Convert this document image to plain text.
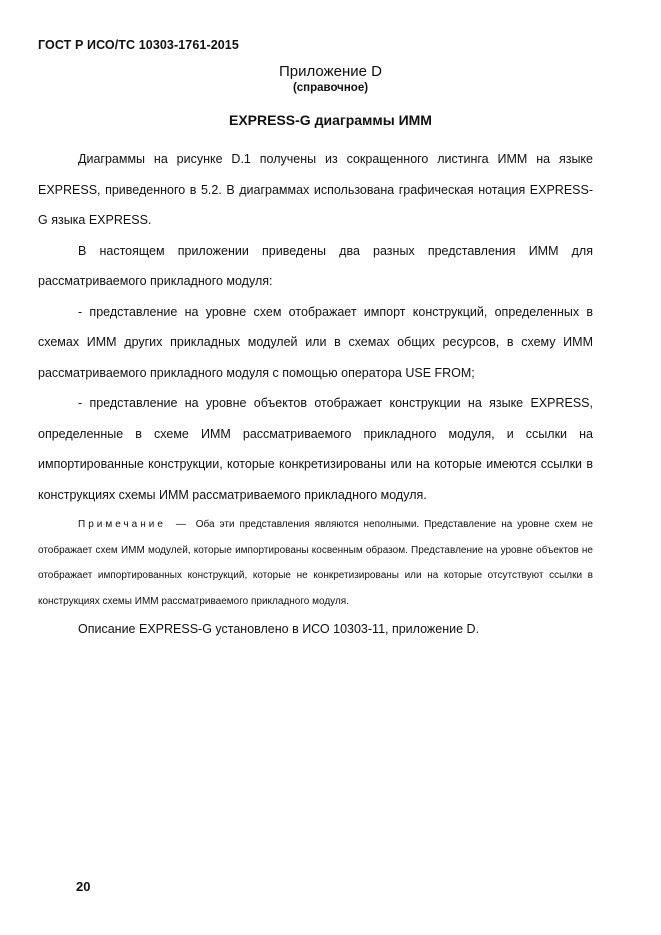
ГОСТ Р ИСО/ТС 10303-1761-2015
Приложение D
(справочное)
EXPRESS-G диаграммы ИММ

Диаграммы на рисунке D.1 получены из сокращенного листинга ИММ на языке EXPRESS, приведенного в 5.2. В диаграммах использована графическая нотация EXPRESS-G языка EXPRESS.

В настоящем приложении приведены два разных представления ИММ для рассматриваемого прикладного модуля:

- представление на уровне схем отображает импорт конструкций, определенных в схемах ИММ других прикладных модулей или в схемах общих ресурсов, в схему ИММ рассматриваемого прикладного модуля с помощью оператора USE FROM;

- представление на уровне объектов отображает конструкции на языке EXPRESS, определенные в схеме ИММ рассматриваемого прикладного модуля, и ссылки на импортированные конструкции, которые конкретизированы или на которые имеются ссылки в конструкциях схемы ИММ рассматриваемого прикладного модуля.

Примечание — Оба эти представления являются неполными. Представление на уровне схем не отображает схем ИММ модулей, которые импортированы косвенным образом. Представление на уровне объектов не отображает импортированных конструкций, которые не конкретизированы или на которые отсутствуют ссылки в конструкциях схемы ИММ рассматриваемого прикладного модуля.

Описание EXPRESS-G установлено в ИСО 10303-11, приложение D.

20
